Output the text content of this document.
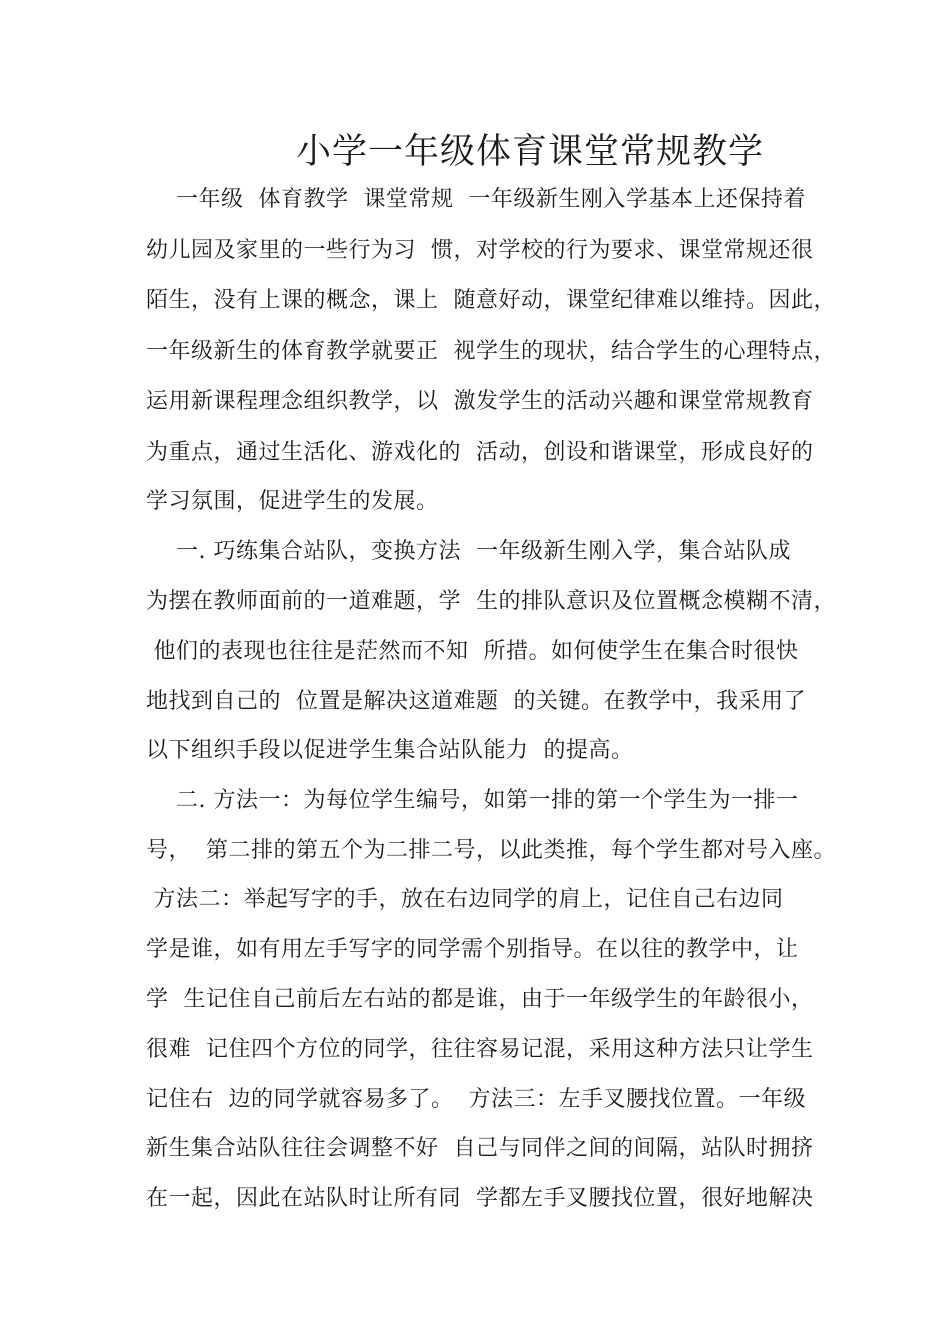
小学一年级体育课堂常规教学
一年级  体育教学  课堂常规  一年级新生刚入学基本上还保持着
幼儿园及家里的一些行为习  惯，对学校的行为要求、课堂常规还很
陌生，没有上课的概念，课上  随意好动，课堂纪律难以维持。因此，
一年级新生的体育教学就要正  视学生的现状，结合学生的心理特点，
运用新课程理念组织教学，以  激发学生的活动兴趣和课堂常规教育
为重点，通过生活化、游戏化的  活动，创设和谐课堂，形成良好的
学习氛围，促进学生的发展。
一. 巧练集合站队，变换方法  一年级新生刚入学，集合站队成
为摆在教师面前的一道难题，学  生的排队意识及位置概念模糊不清，
他们的表现也往往是茫然而不知  所措。如何使学生在集合时很快
地找到自己的  位置是解决这道难题  的关键。在教学中，我采用了
以下组织手段以促进学生集合站队能力  的提高。
二. 方法一：为每位学生编号，如第一排的第一个学生为一排一
号，  第二排的第五个为二排二号，以此类推，每个学生都对号入座。
方法二：举起写字的手，放在右边同学的肩上，记住自己右边同
学是谁，如有用左手写字的同学需个别指导。在以往的教学中，让
学  生记住自己前后左右站的都是谁，由于一年级学生的年龄很小，
很难  记住四个方位的同学，往往容易记混，采用这种方法只让学生
记住右  边的同学就容易多了。  方法三：左手叉腰找位置。一年级
新生集合站队往往会调整不好  自己与同伴之间的间隔，站队时拥挤
在一起，因此在站队时让所有同  学都左手叉腰找位置，很好地解决
